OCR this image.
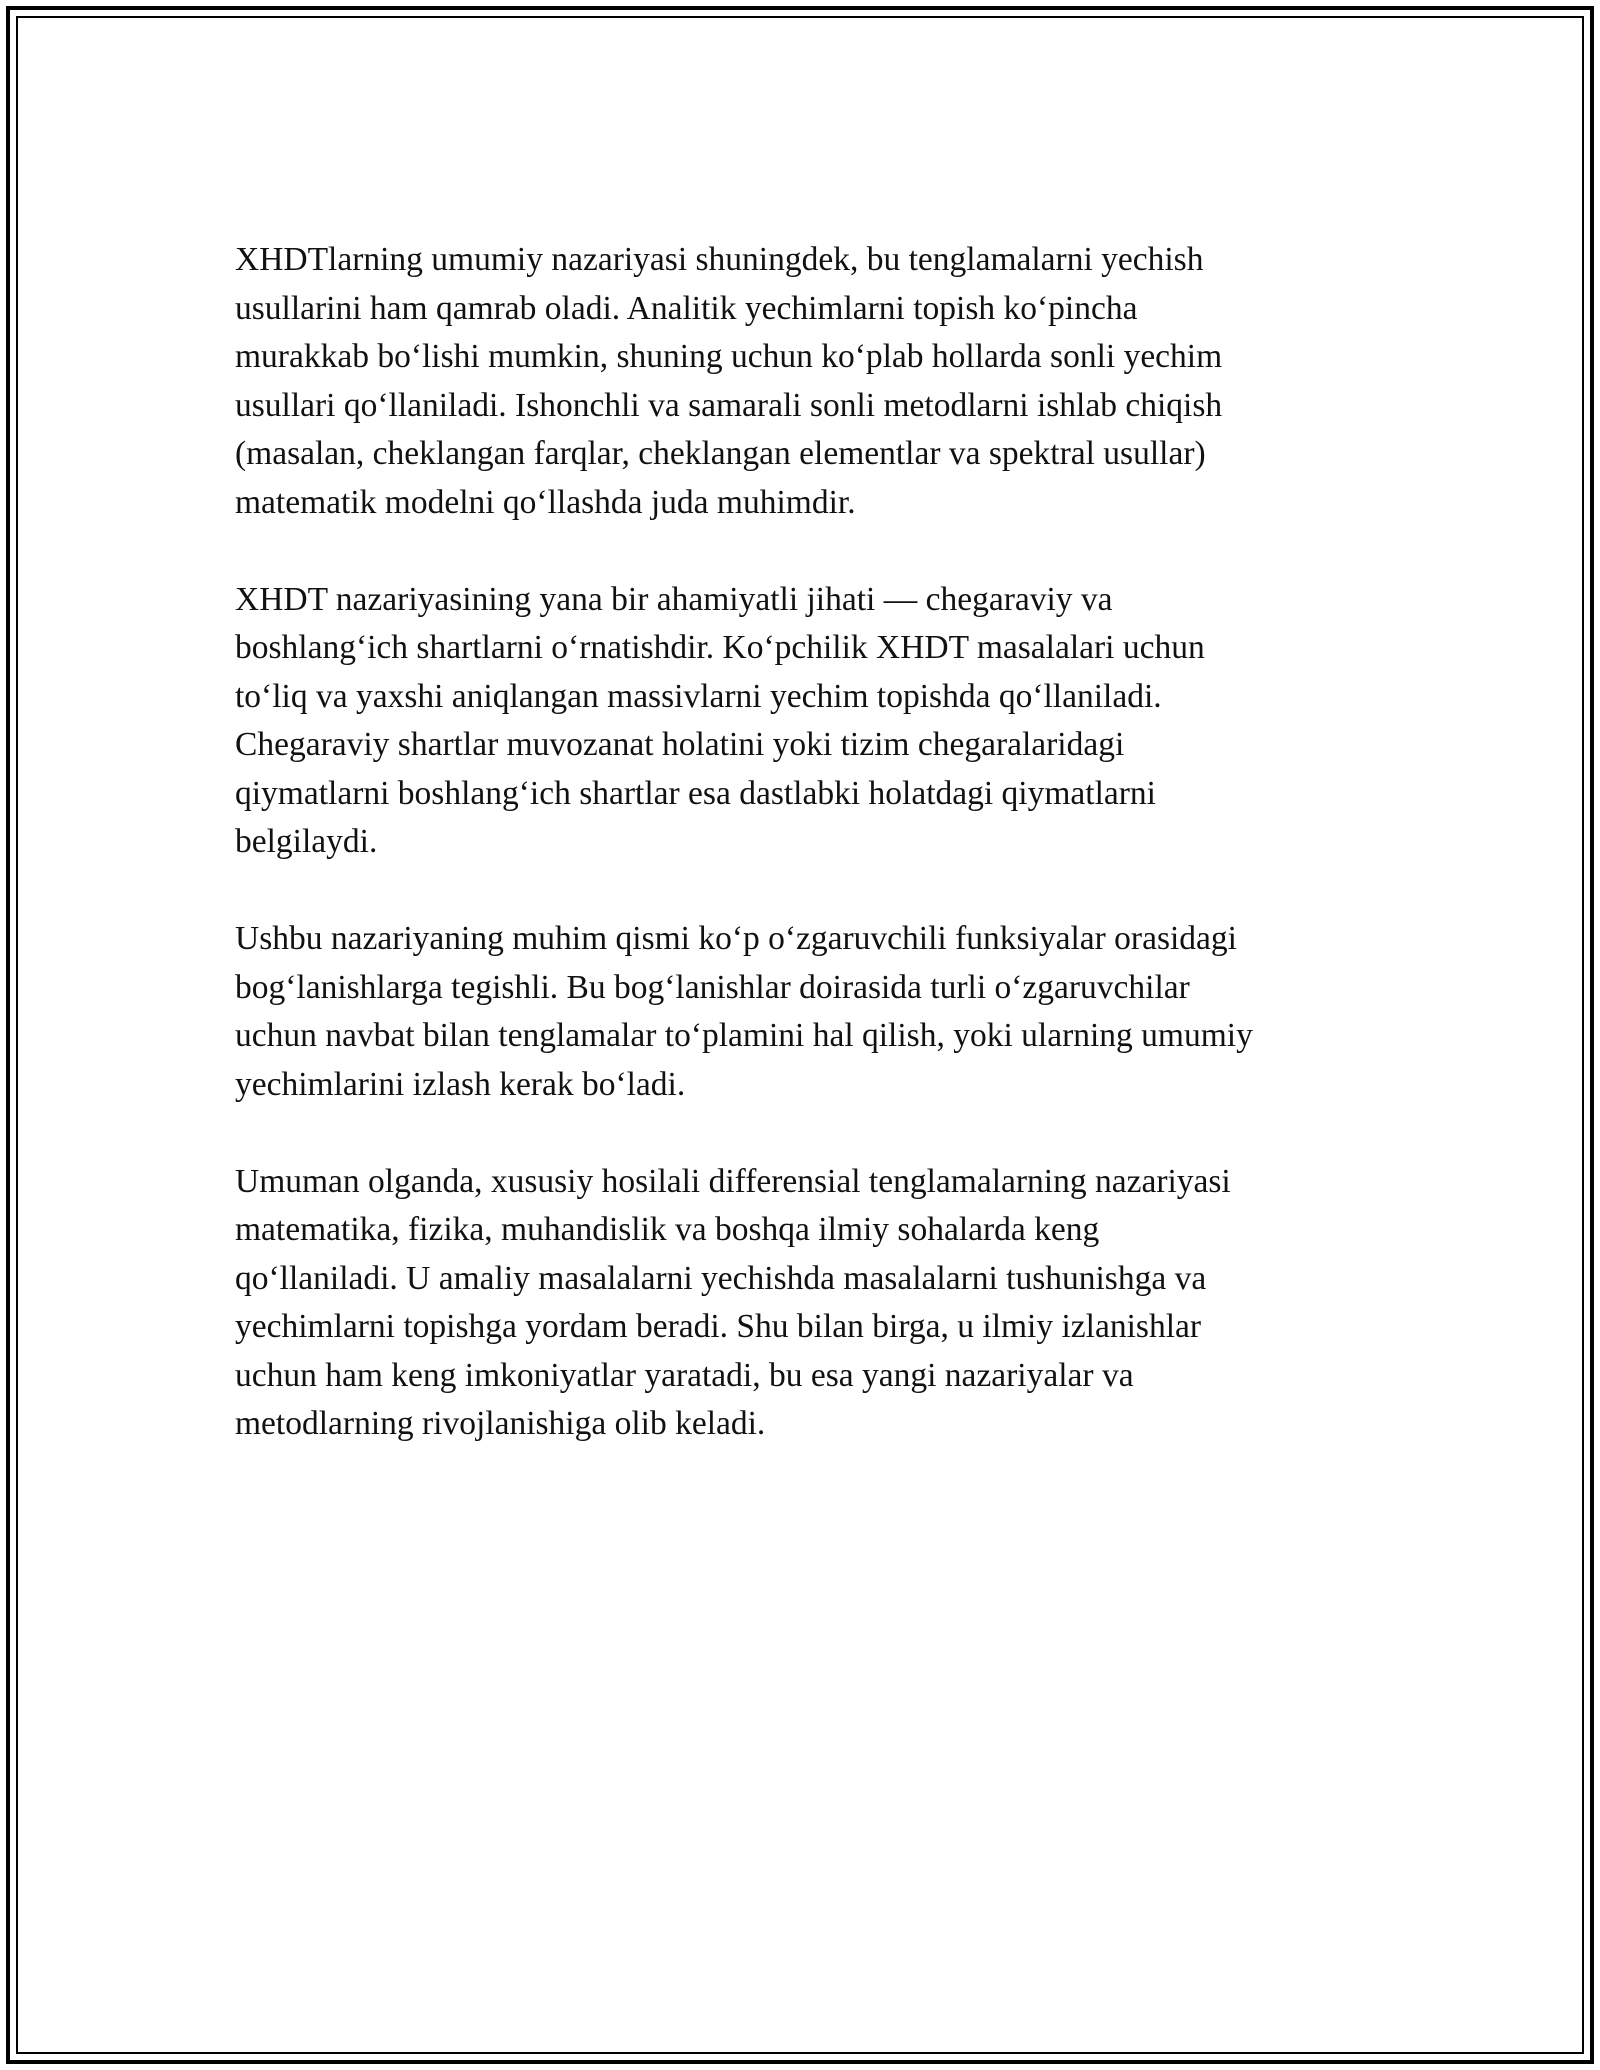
XHDTlarning umumiy nazariyasi shuningdek, bu tenglamalarni yechish
usullarini ham qamrab oladi. Analitik yechimlarni topish ko‘pincha
murakkab bo‘lishi mumkin, shuning uchun ko‘plab hollarda sonli yechim
usullari qo‘llaniladi. Ishonchli va samarali sonli metodlarni ishlab chiqish
(masalan, cheklangan farqlar, cheklangan elementlar va spektral usullar)
matematik modelni qo‘llashda juda muhimdir.

XHDT nazariyasining yana bir ahamiyatli jihati — chegaraviy va
boshlang‘ich shartlarni o‘rnatishdir. Ko‘pchilik XHDT masalalari uchun
to‘liq va yaxshi aniqlangan massivlarni yechim topishda qo‘llaniladi.
Chegaraviy shartlar muvozanat holatini yoki tizim chegaralaridagi
qiymatlarni boshlang‘ich shartlar esa dastlabki holatdagi qiymatlarni
belgilaydi.

Ushbu nazariyaning muhim qismi ko‘p o‘zgaruvchili funksiyalar orasidagi
bog‘lanishlarga tegishli. Bu bog‘lanishlar doirasida turli o‘zgaruvchilar
uchun navbat bilan tenglamalar to‘plamini hal qilish, yoki ularning umumiy
yechimlarini izlash kerak bo‘ladi.

Umuman olganda, xususiy hosilali differensial tenglamalarning nazariyasi
matematika, fizika, muhandislik va boshqa ilmiy sohalarda keng
qo‘llaniladi. U amaliy masalalarni yechishda masalalarni tushunishga va
yechimlarni topishga yordam beradi. Shu bilan birga, u ilmiy izlanishlar
uchun ham keng imkoniyatlar yaratadi, bu esa yangi nazariyalar va
metodlarning rivojlanishiga olib keladi.
